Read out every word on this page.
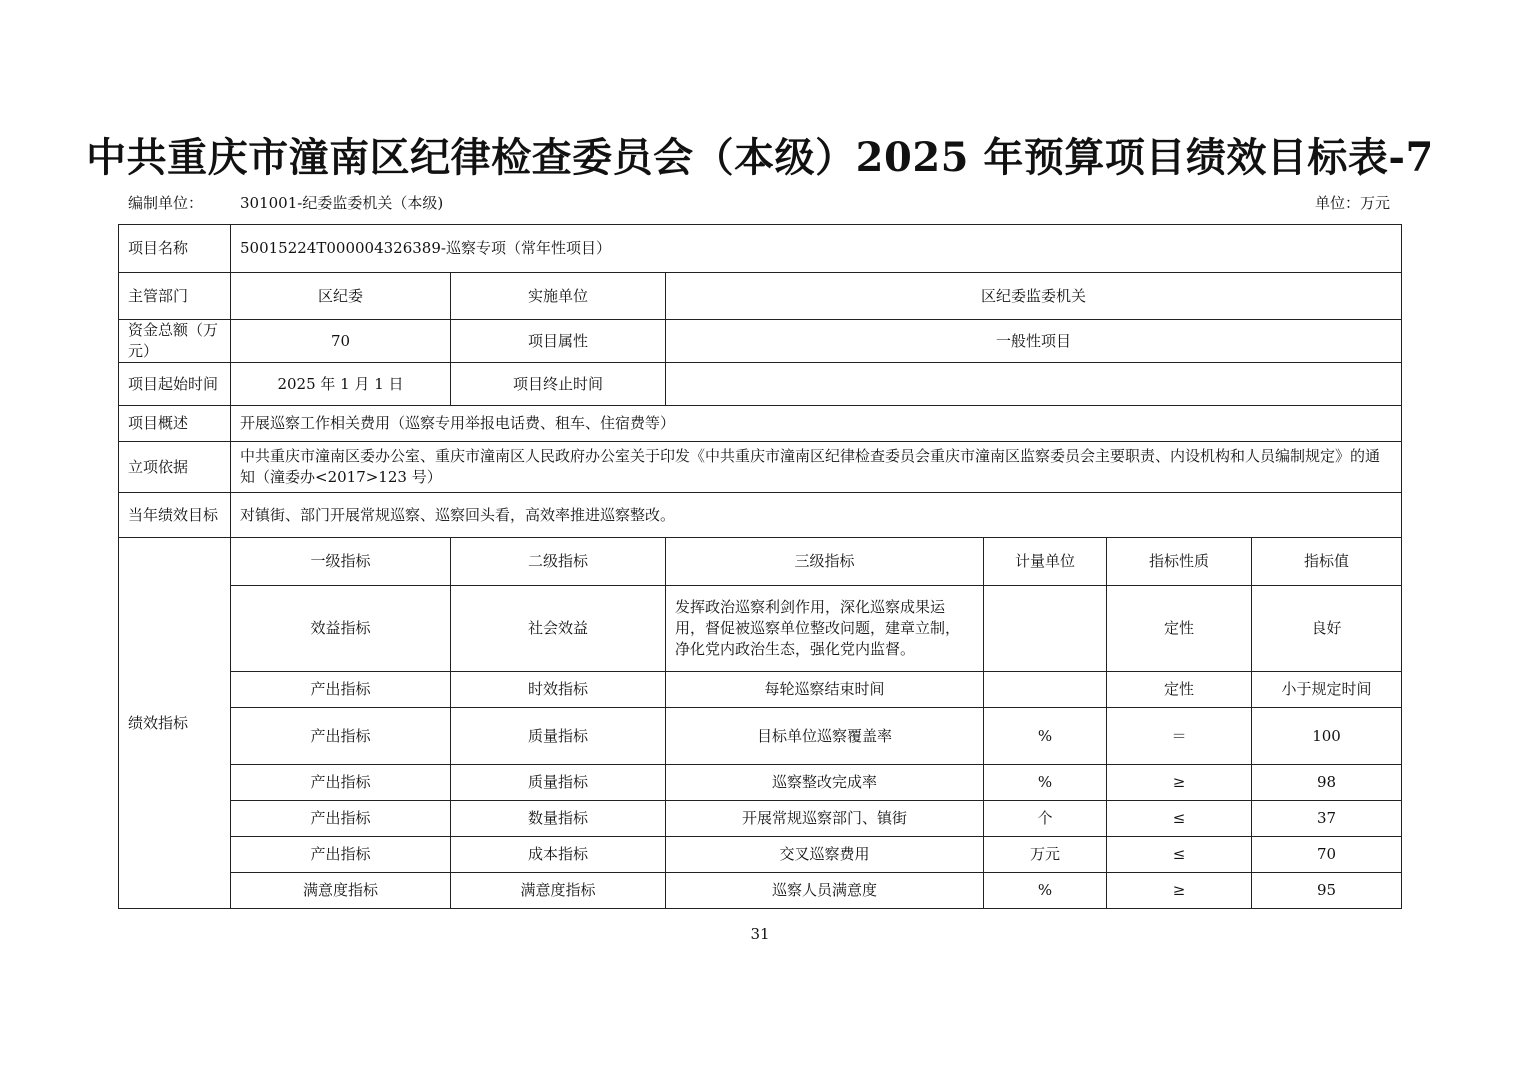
中共重庆市潼南区纪律检查委员会（本级）2025 年预算项目绩效目标表-7
编制单位： 301001-纪委监委机关（本级)	单位：万元
项目名称	50015224T000004326389-巡察专项（常年性项目）					
主管部门	区纪委	实施单位	区纪委监委机关			
资金总额（万元）	70	项目属性	一般性项目			
项目起始时间	2025 年 1 月 1 日	项目终止时间				
项目概述	开展巡察工作相关费用（巡察专用举报电话费、租车、住宿费等）					
立项依据	中共重庆市潼南区委办公室、重庆市潼南区人民政府办公室关于印发《中共重庆市潼南区纪律检查委员会重庆市潼南区监察委员会主要职责、内设机构和人员编制规定》的通知（潼委办<2017>123 号）					
当年绩效目标	对镇街、部门开展常规巡察、巡察回头看，高效率推进巡察整改。					
绩效指标	一级指标	二级指标	三级指标	计量单位	指标性质	指标值
	效益指标	社会效益	发挥政治巡察利剑作用，深化巡察成果运用，督促被巡察单位整改问题，建章立制，净化党内政治生态，强化党内监督。		定性	良好
	产出指标	时效指标	每轮巡察结束时间		定性	小于规定时间
	产出指标	质量指标	目标单位巡察覆盖率	%	＝	100
	产出指标	质量指标	巡察整改完成率	%	≥	98
	产出指标	数量指标	开展常规巡察部门、镇街	个	≤	37
	产出指标	成本指标	交叉巡察费用	万元	≤	70
	满意度指标	满意度指标	巡察人员满意度	%	≥	95
31
